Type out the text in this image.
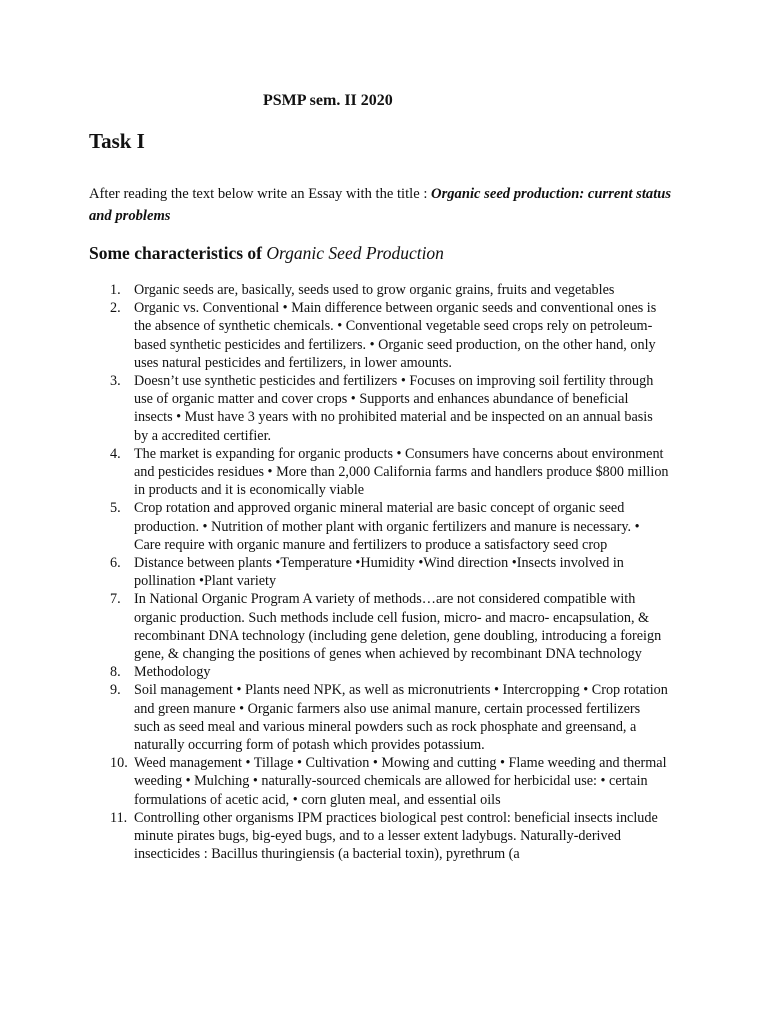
PSMP sem. II 2020
Task I

After reading the text below write an Essay with the title : Organic seed production: current status and problems

Some characteristics of Organic Seed Production
1. Organic seeds are, basically, seeds used to grow organic grains, fruits and vegetables
2. Organic vs. Conventional • Main difference between organic seeds and conventional ones is the absence of synthetic chemicals. • Conventional vegetable seed crops rely on petroleum-based synthetic pesticides and fertilizers. • Organic seed production, on the other hand, only uses natural pesticides and fertilizers, in lower amounts.
3. Doesn’t use synthetic pesticides and fertilizers • Focuses on improving soil fertility through use of organic matter and cover crops • Supports and enhances abundance of beneficial insects • Must have 3 years with no prohibited material and be inspected on an annual basis by a accredited certifier.
4. The market is expanding for organic products • Consumers have concerns about environment and pesticides residues • More than 2,000 California farms and handlers produce $800 million in products and it is economically viable
5. Crop rotation and approved organic mineral material are basic concept of organic seed production. • Nutrition of mother plant with organic fertilizers and manure is necessary. • Care require with organic manure and fertilizers to produce a satisfactory seed crop
6. Distance between plants •Temperature •Humidity •Wind direction •Insects involved in pollination •Plant variety
7. In National Organic Program A variety of methods…are not considered compatible with organic production. Such methods include cell fusion, micro- and macro- encapsulation, & recombinant DNA technology (including gene deletion, gene doubling, introducing a foreign gene, & changing the positions of genes when achieved by recombinant DNA technology
8. Methodology
9. Soil management • Plants need NPK, as well as micronutrients • Intercropping • Crop rotation and green manure • Organic farmers also use animal manure, certain processed fertilizers such as seed meal and various mineral powders such as rock phosphate and greensand, a naturally occurring form of potash which provides potassium.
10. Weed management • Tillage • Cultivation • Mowing and cutting • Flame weeding and thermal weeding • Mulching • naturally-sourced chemicals are allowed for herbicidal use: • certain formulations of acetic acid, • corn gluten meal, and essential oils
11. Controlling other organisms IPM practices biological pest control: beneficial insects include minute pirates bugs, big-eyed bugs, and to a lesser extent ladybugs. Naturally-derived insecticides : Bacillus thuringiensis (a bacterial toxin), pyrethrum (a
